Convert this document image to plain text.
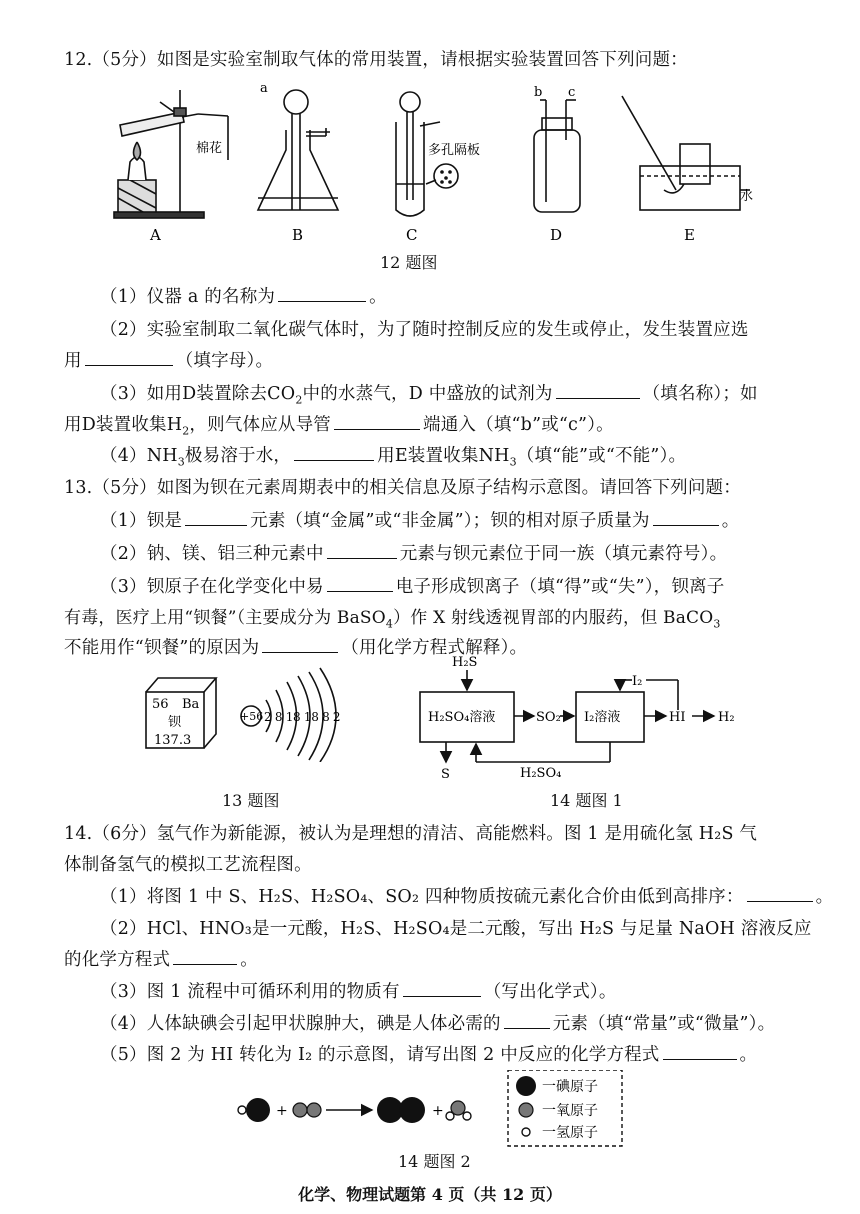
12.（5分）如图是实验室制取气体的常用装置，请根据实验装置回答下列问题：
棉花
A
a
B
多孔隔板
C
b c
D
水
E
12 题图
（1）仪器 a 的名称为	。
（2）实验室制取二氧化碳气体时，为了随时控制反应的发生或停止，发生装置应选
用	（填字母）。
（3）如用D装置除去$CO_2$中的水蒸气，D 中盛放的试剂为	（填名称）；如
用D装置收集$H_2$，则气体应从导管	端通入（填“b”或“c”）。
$(4)NH_3$极易溶于水，	用E装置收集$NH_3$（填“能”或“不能”）。
13.（5分）如图为钡在元素周期表中的相关信息及原子结构示意图。请回答下列问题：
（1）钡是	元素（填“金属”或“非金属”）；钡的相对原子质量为	。
（2）钠、镁、铝三种元素中	元素与钡元素位于同一族（填元素符号）。
（3）钡原子在化学变化中易	电子形成钡离子（填“得”或“失”），钡离子
有毒，医疗上用“钡餐”（主要成分为 BaSO$_4$）作 X 射线透视胃部的内服药，但 BaCO$_3$
不能用作“钡餐”的原因为	（用化学方程式解释）。
56 Ba
钡
137.3
+56 2 8 18 18 8 2
13 题图
H₂S
H₂SO₄溶液	SO₂ I₂溶液
I₂
HI	H₂
H₂SO₄
S
14 题图 1
14.（6分）氢气作为新能源，被认为是理想的清洁、高能燃料。图 1 是用硫化氢 H₂S 气
体制备氢气的模拟工艺流程图。
（1）将图 1 中 S、H₂S、H₂SO₄、SO₂ 四种物质按硫元素化合价由低到高排序：	。
（2）HCl、HNO₃是一元酸，H₂S、H₂SO₄是二元酸，写出 H₂S 与足量 NaOH 溶液反应
的化学方程式	。
（3）图 1 流程中可循环利用的物质有	（写出化学式）。
（4）人体缺碘会引起甲状腺肿大，碘是人体必需的	元素（填“常量”或“微量”）。
（5）图 2 为 HI 转化为 I₂ 的示意图，请写出图 2 中反应的化学方程式	。
+	+
一碘原子
一氧原子
一氢原子
14 题图 2
化学、物理试题第 4 页（共 12 页）
